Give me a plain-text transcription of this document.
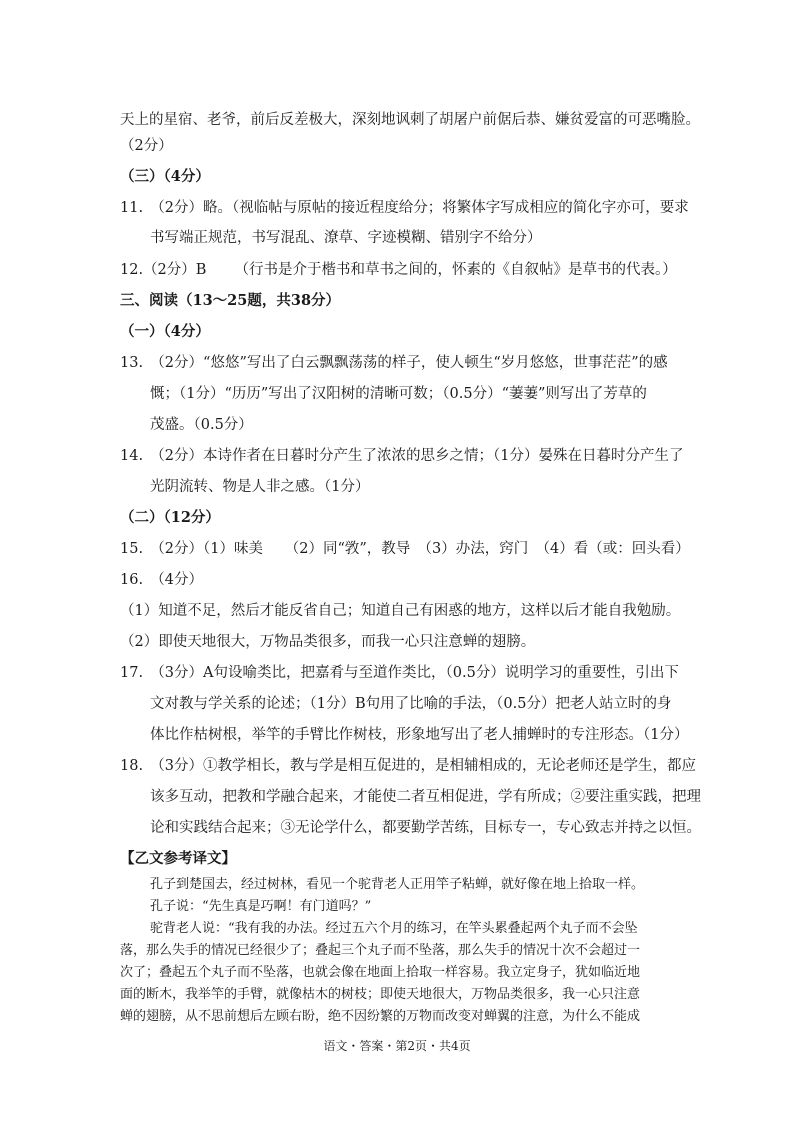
天上的星宿、老爷，前后反差极大，深刻地讽刺了胡屠户前倨后恭、嫌贫爱富的可恶嘴脸。
（2分）
（三）（4分）
11.　（2分）略。（视临帖与原帖的接近程度给分；将繁体字写成相应的简化字亦可，要求
书写端正规范，书写混乱、潦草、字迹模糊、错别字不给分）
12.（2分）B （行书是介于楷书和草书之间的，怀素的《自叙帖》是草书的代表。）
三、阅读（13～25题，共38分）
（一）（4分）
13.　（2分）“悠悠”写出了白云飘飘荡荡的样子，使人顿生“岁月悠悠，世事茫茫”的感
慨；（1分）“历历”写出了汉阳树的清晰可数；（0.5分）“萋萋”则写出了芳草的
茂盛。（0.5分）
14.　（2分）本诗作者在日暮时分产生了浓浓的思乡之情；（1分）晏殊在日暮时分产生了
光阴流转、物是人非之感。（1分）
（二）（12分）
15.　（2分）（1）味美　　（2）同“敩”，教导　（3）办法，窍门　（4）看（或：回头看）
16.　（4分）
（1）知道不足，然后才能反省自己；知道自己有困惑的地方，这样以后才能自我勉励。
（2）即使天地很大，万物品类很多，而我一心只注意蝉的翅膀。
17.　（3分）A句设喻类比，把嘉肴与至道作类比，（0.5分）说明学习的重要性，引出下
文对教与学关系的论述；（1分）B句用了比喻的手法，（0.5分）把老人站立时的身
体比作枯树根，举竿的手臂比作树枝，形象地写出了老人捕蝉时的专注形态。（1分）
18.　（3分）①教学相长，教与学是相互促进的，是相辅相成的，无论老师还是学生，都应
该多互动，把教和学融合起来，才能使二者互相促进，学有所成；②要注重实践，把理
论和实践结合起来；③无论学什么，都要勤学苦练，目标专一，专心致志并持之以恒。
【乙文参考译文】
孔子到楚国去，经过树林，看见一个驼背老人正用竿子粘蝉，就好像在地上拾取一样。
孔子说：“先生真是巧啊！有门道吗？”
驼背老人说：“我有我的办法。经过五六个月的练习，在竿头累叠起两个丸子而不会坠
落，那么失手的情况已经很少了；叠起三个丸子而不坠落，那么失手的情况十次不会超过一
次了；叠起五个丸子而不坠落，也就会像在地面上拾取一样容易。我立定身子，犹如临近地
面的断木，我举竿的手臂，就像枯木的树枝；即使天地很大，万物品类很多，我一心只注意
蝉的翅膀，从不思前想后左顾右盼，绝不因纷繁的万物而改变对蝉翼的注意，为什么不能成
语文・答案・第2页・共4页
